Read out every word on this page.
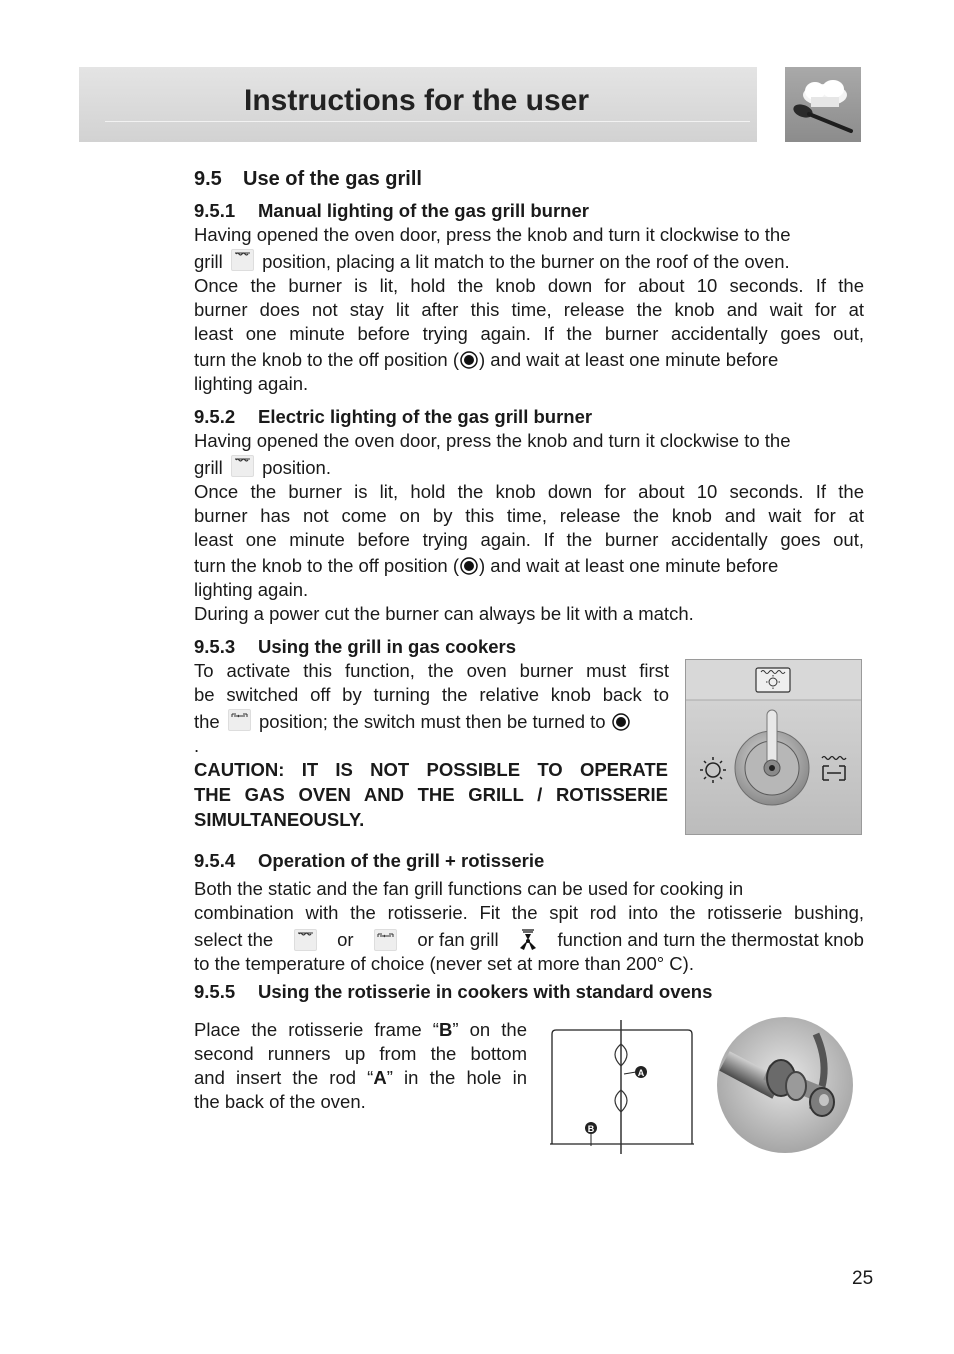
Instructions for the user
9.5 Use of the gas grill
9.5.1 Manual lighting of the gas grill burner
Having opened the oven door, press the knob and turn it clockwise to the
grill position, placing a lit match to the burner on the roof of the oven.
Once the burner is lit, hold the knob down for about 10 seconds. If the
burner does not stay lit after this time, release the knob and wait for at
least one minute before trying again. If the burner accidentally goes out,
turn the knob to the off position ( ) and wait at least one minute before
lighting again.
9.5.2 Electric lighting of the gas grill burner
Having opened the oven door, press the knob and turn it clockwise to the
grill position.
Once the burner is lit, hold the knob down for about 10 seconds. If the
burner has not come on by this time, release the knob and wait for at
least one minute before trying again. If the burner accidentally goes out,
turn the knob to the off position ( ) and wait at least one minute before
lighting again.
During a power cut the burner can always be lit with a match.
9.5.3 Using the grill in gas cookers
To activate this function, the oven burner must first
be switched off by turning the relative knob back to
the position; the switch must then be turned to
.
CAUTION: IT IS NOT POSSIBLE TO OPERATE
THE GAS OVEN AND THE GRILL / ROTISSERIE
SIMULTANEOUSLY.
9.5.4 Operation of the grill + rotisserie
Both the static and the fan grill functions can be used for cooking in
combination with the rotisserie. Fit the spit rod into the rotisserie bushing,
select the	or	or fan grill	function and turn the thermostat knob
to the temperature of choice (never set at more than 200° C).
9.5.5 Using the rotisserie in cookers with standard ovens
Place the rotisserie frame “B” on the
second runners up from the bottom
and insert the rod “A” in the hole in
the back of the oven.
A
B
25
